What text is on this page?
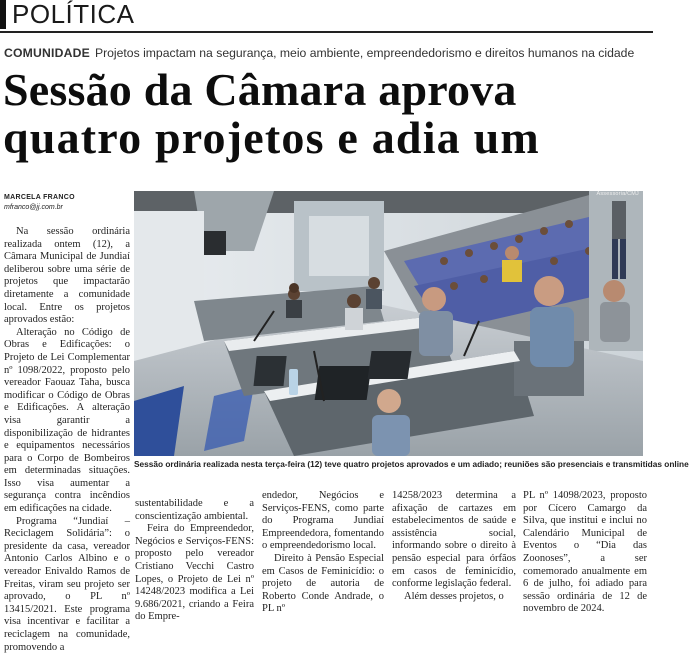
POLÍTICA
COMUNIDADE Projetos impactam na segurança, meio ambiente, empreendedorismo e direitos humanos na cidade
Sessão da Câmara aprova
quatro projetos e adia um
MARCELA FRANCO
mfranco@jj.com.br

Na sessão ordinária realizada ontem (12), a Câmara Municipal de Jundiaí deliberou sobre uma série de projetos que impactarão diretamente a comunidade local. Entre os projetos aprovados estão:

Alteração no Código de Obras e Edificações: o Projeto de Lei Complementar nº 1098/2022, proposto pelo vereador Faouaz Taha, busca modificar o Código de Obras e Edificações. A alteração visa garantir a disponibilização de hidrantes e equipamentos necessários para o Corpo de Bombeiros em determinadas situações. Isso visa aumentar a segurança contra incêndios em edificações na cidade.

Programa “Jundiaí – Reciclagem Solidária”: o presidente da casa, vereador Antonio Carlos Albino e o vereador Enivaldo Ramos de Freitas, viram seu projeto ser aprovado, o PL nº 13415/2021. Este programa visa incentivar e facilitar a reciclagem na comunidade, promovendo a

Assessoria/CMJ
Sessão ordinária realizada nesta terça-feira (12) teve quatro projetos aprovados e um adiado; reuniões são presenciais e transmitidas online

sustentabilidade e a conscientização ambiental.

Feira do Empreendedor, Negócios e Serviços-FENS: proposto pelo vereador Cristiano Vecchi Castro Lopes, o Projeto de Lei nº 14248/2023 modifica a Lei 9.686/2021, criando a Feira do Empre-

endedor, Negócios e Serviços-FENS, como parte do Programa Jundiaí Empreendedora, fomentando o empreendedorismo local.

Direito à Pensão Especial em Casos de Feminicídio: o projeto de autoria de Roberto Conde Andrade, o PL nº

14258/2023 determina a afixação de cartazes em estabelecimentos de saúde e assistência social, informando sobre o direito à pensão especial para órfãos em casos de feminicídio, conforme legislação federal.

Além desses projetos, o

PL nº 14098/2023, proposto por Cícero Camargo da Silva, que institui e inclui no Calendário Municipal de Eventos o “Dia das Zoonoses”, a ser comemorado anualmente em 6 de julho, foi adiado para sessão ordinária de 12 de novembro de 2024.
